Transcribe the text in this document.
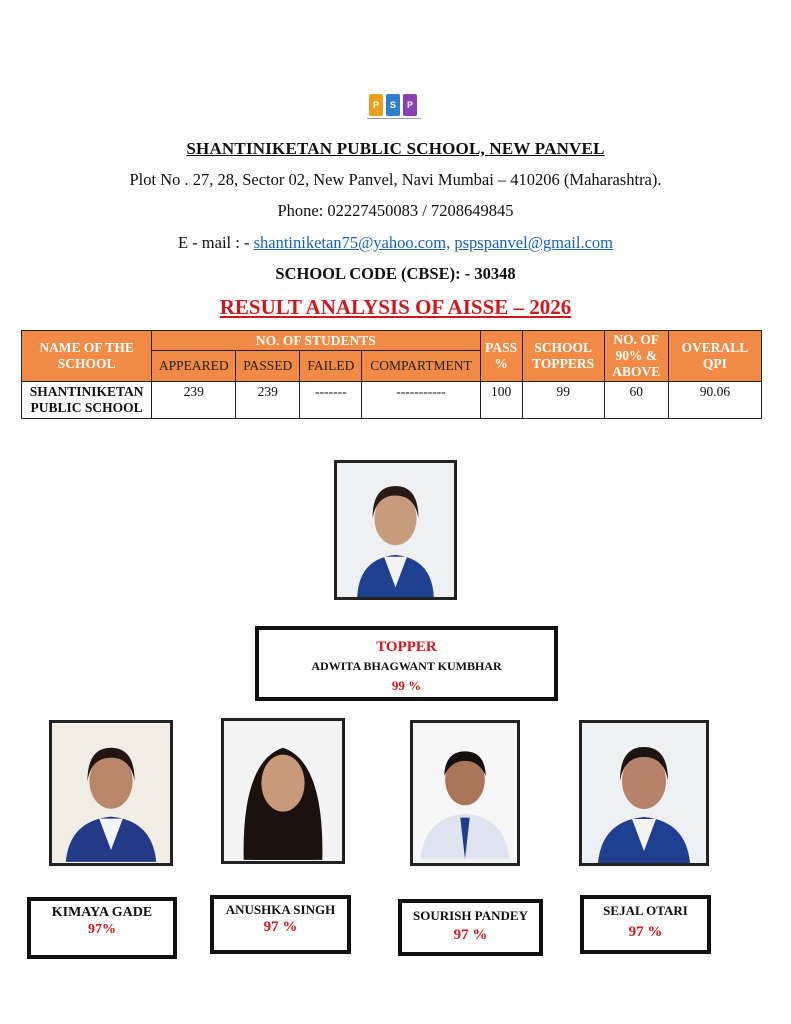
P	S	P
SHANTINIKETAN PUBLIC SCHOOL, NEW PANVEL
Plot No . 27, 28, Sector 02, New Panvel, Navi Mumbai – 410206 (Maharashtra).
Phone: 02227450083 / 7208649845
E - mail : - shantiniketan75@yahoo.com, pspspanvel@gmail.com
SCHOOL CODE (CBSE): - 30348
RESULT ANALYSIS OF AISSE – 2026
NAME OF THE SCHOOL	NO. OF STUDENTS				PASS %	SCHOOL TOPPERS	NO. OF 90% & ABOVE	OVERALL QPI
	APPEARED	PASSED	FAILED	COMPARTMENT				
SHANTINIKETAN PUBLIC SCHOOL	239	239	-------	-----------	100	99	60	90.06
TOPPER
ADWITA BHAGWANT KUMBHAR
99 %
KIMAYA GADE
97%
ANUSHKA SINGH
97 %
SOURISH PANDEY
97 %
SEJAL OTARI
97 %
